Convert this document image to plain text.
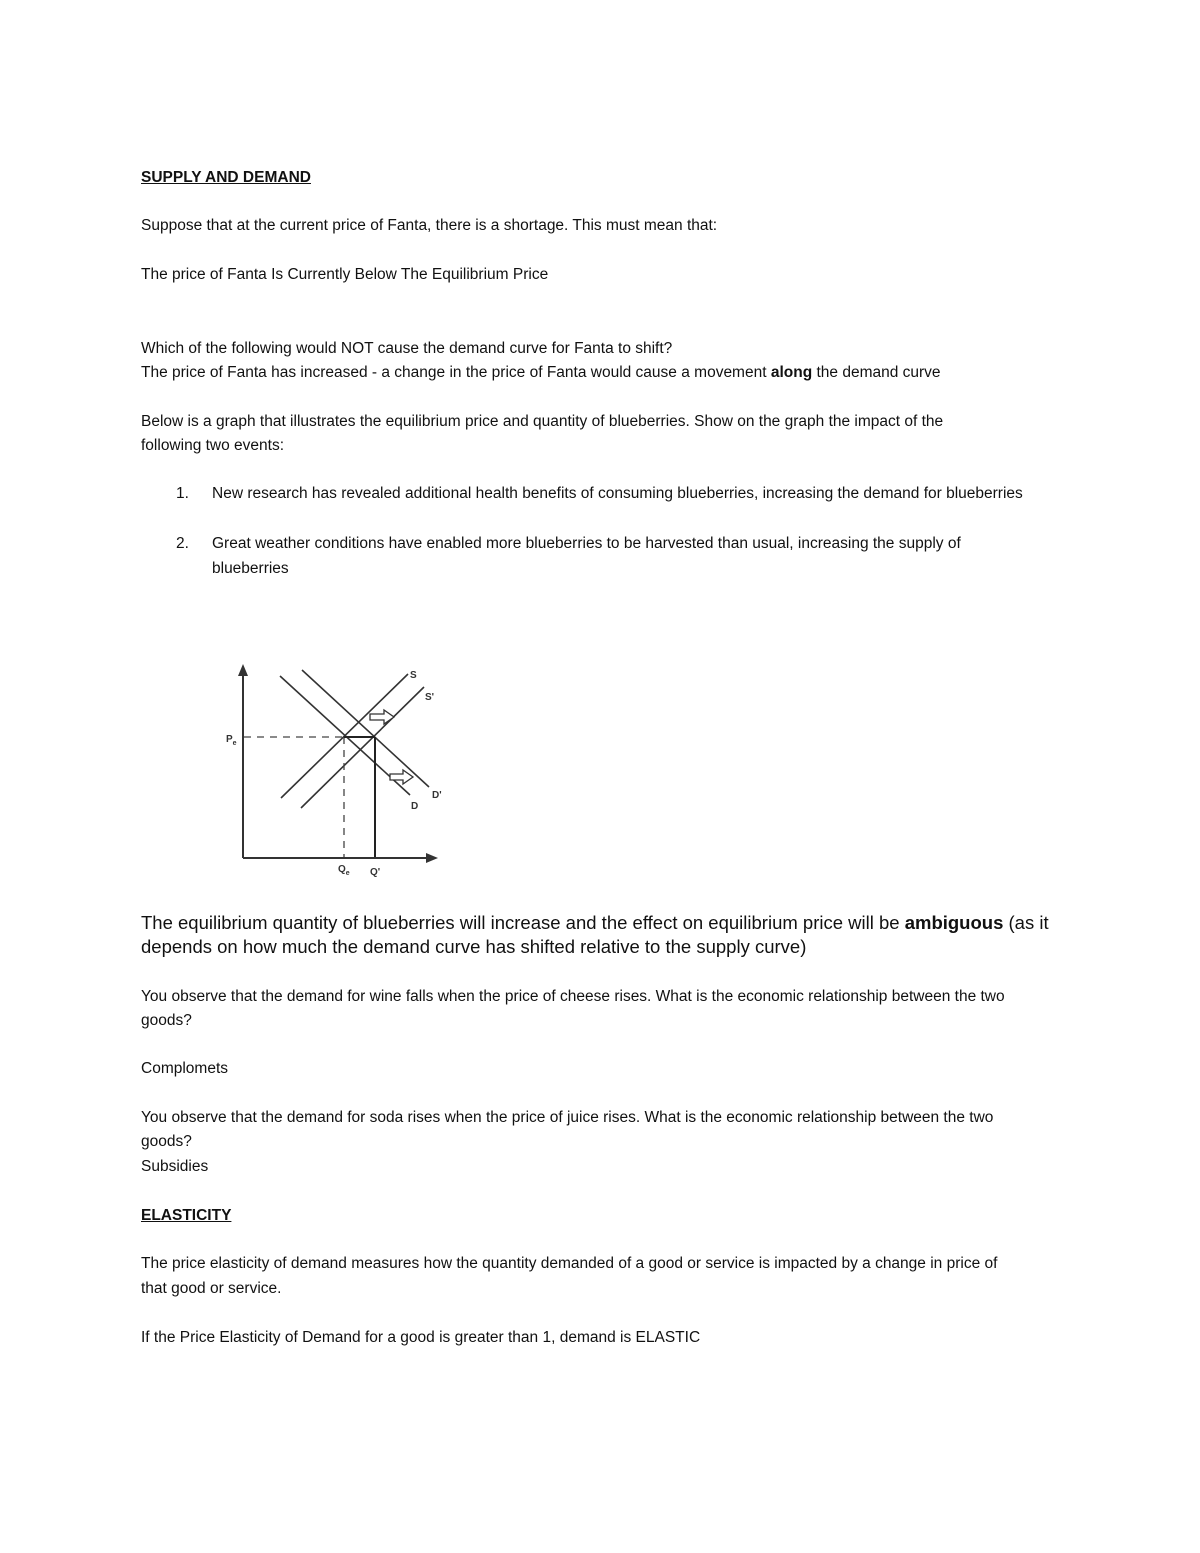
SUPPLY AND DEMAND
Suppose that at the current price of Fanta, there is a shortage. This must mean that:
The price of Fanta Is Currently Below The Equilibrium Price
Which of the following would NOT cause the demand curve for Fanta to shift?
The price of Fanta has increased - a change in the price of Fanta would cause a movement along the demand curve
Below is a graph that illustrates the equilibrium price and quantity of blueberries. Show on the graph the impact of the
following two events:
1. New research has revealed additional health benefits of consuming blueberries, increasing the demand for blueberries
2. Great weather conditions have enabled more blueberries to be harvested than usual, increasing the supply of blueberries
S
S'
D
D'
$P_e$
$Q_e$ Q'
The equilibrium quantity of blueberries will increase and the effect on equilibrium price will be ambiguous (as it
depends on how much the demand curve has shifted relative to the supply curve)
You observe that the demand for wine falls when the price of cheese rises. What is the economic relationship between the two
goods?
Complomets
You observe that the demand for soda rises when the price of juice rises. What is the economic relationship between the two
goods?
Subsidies
ELASTICITY
The price elasticity of demand measures how the quantity demanded of a good or service is impacted by a change in price of
that good or service.
If the Price Elasticity of Demand for a good is greater than 1, demand is ELASTIC
